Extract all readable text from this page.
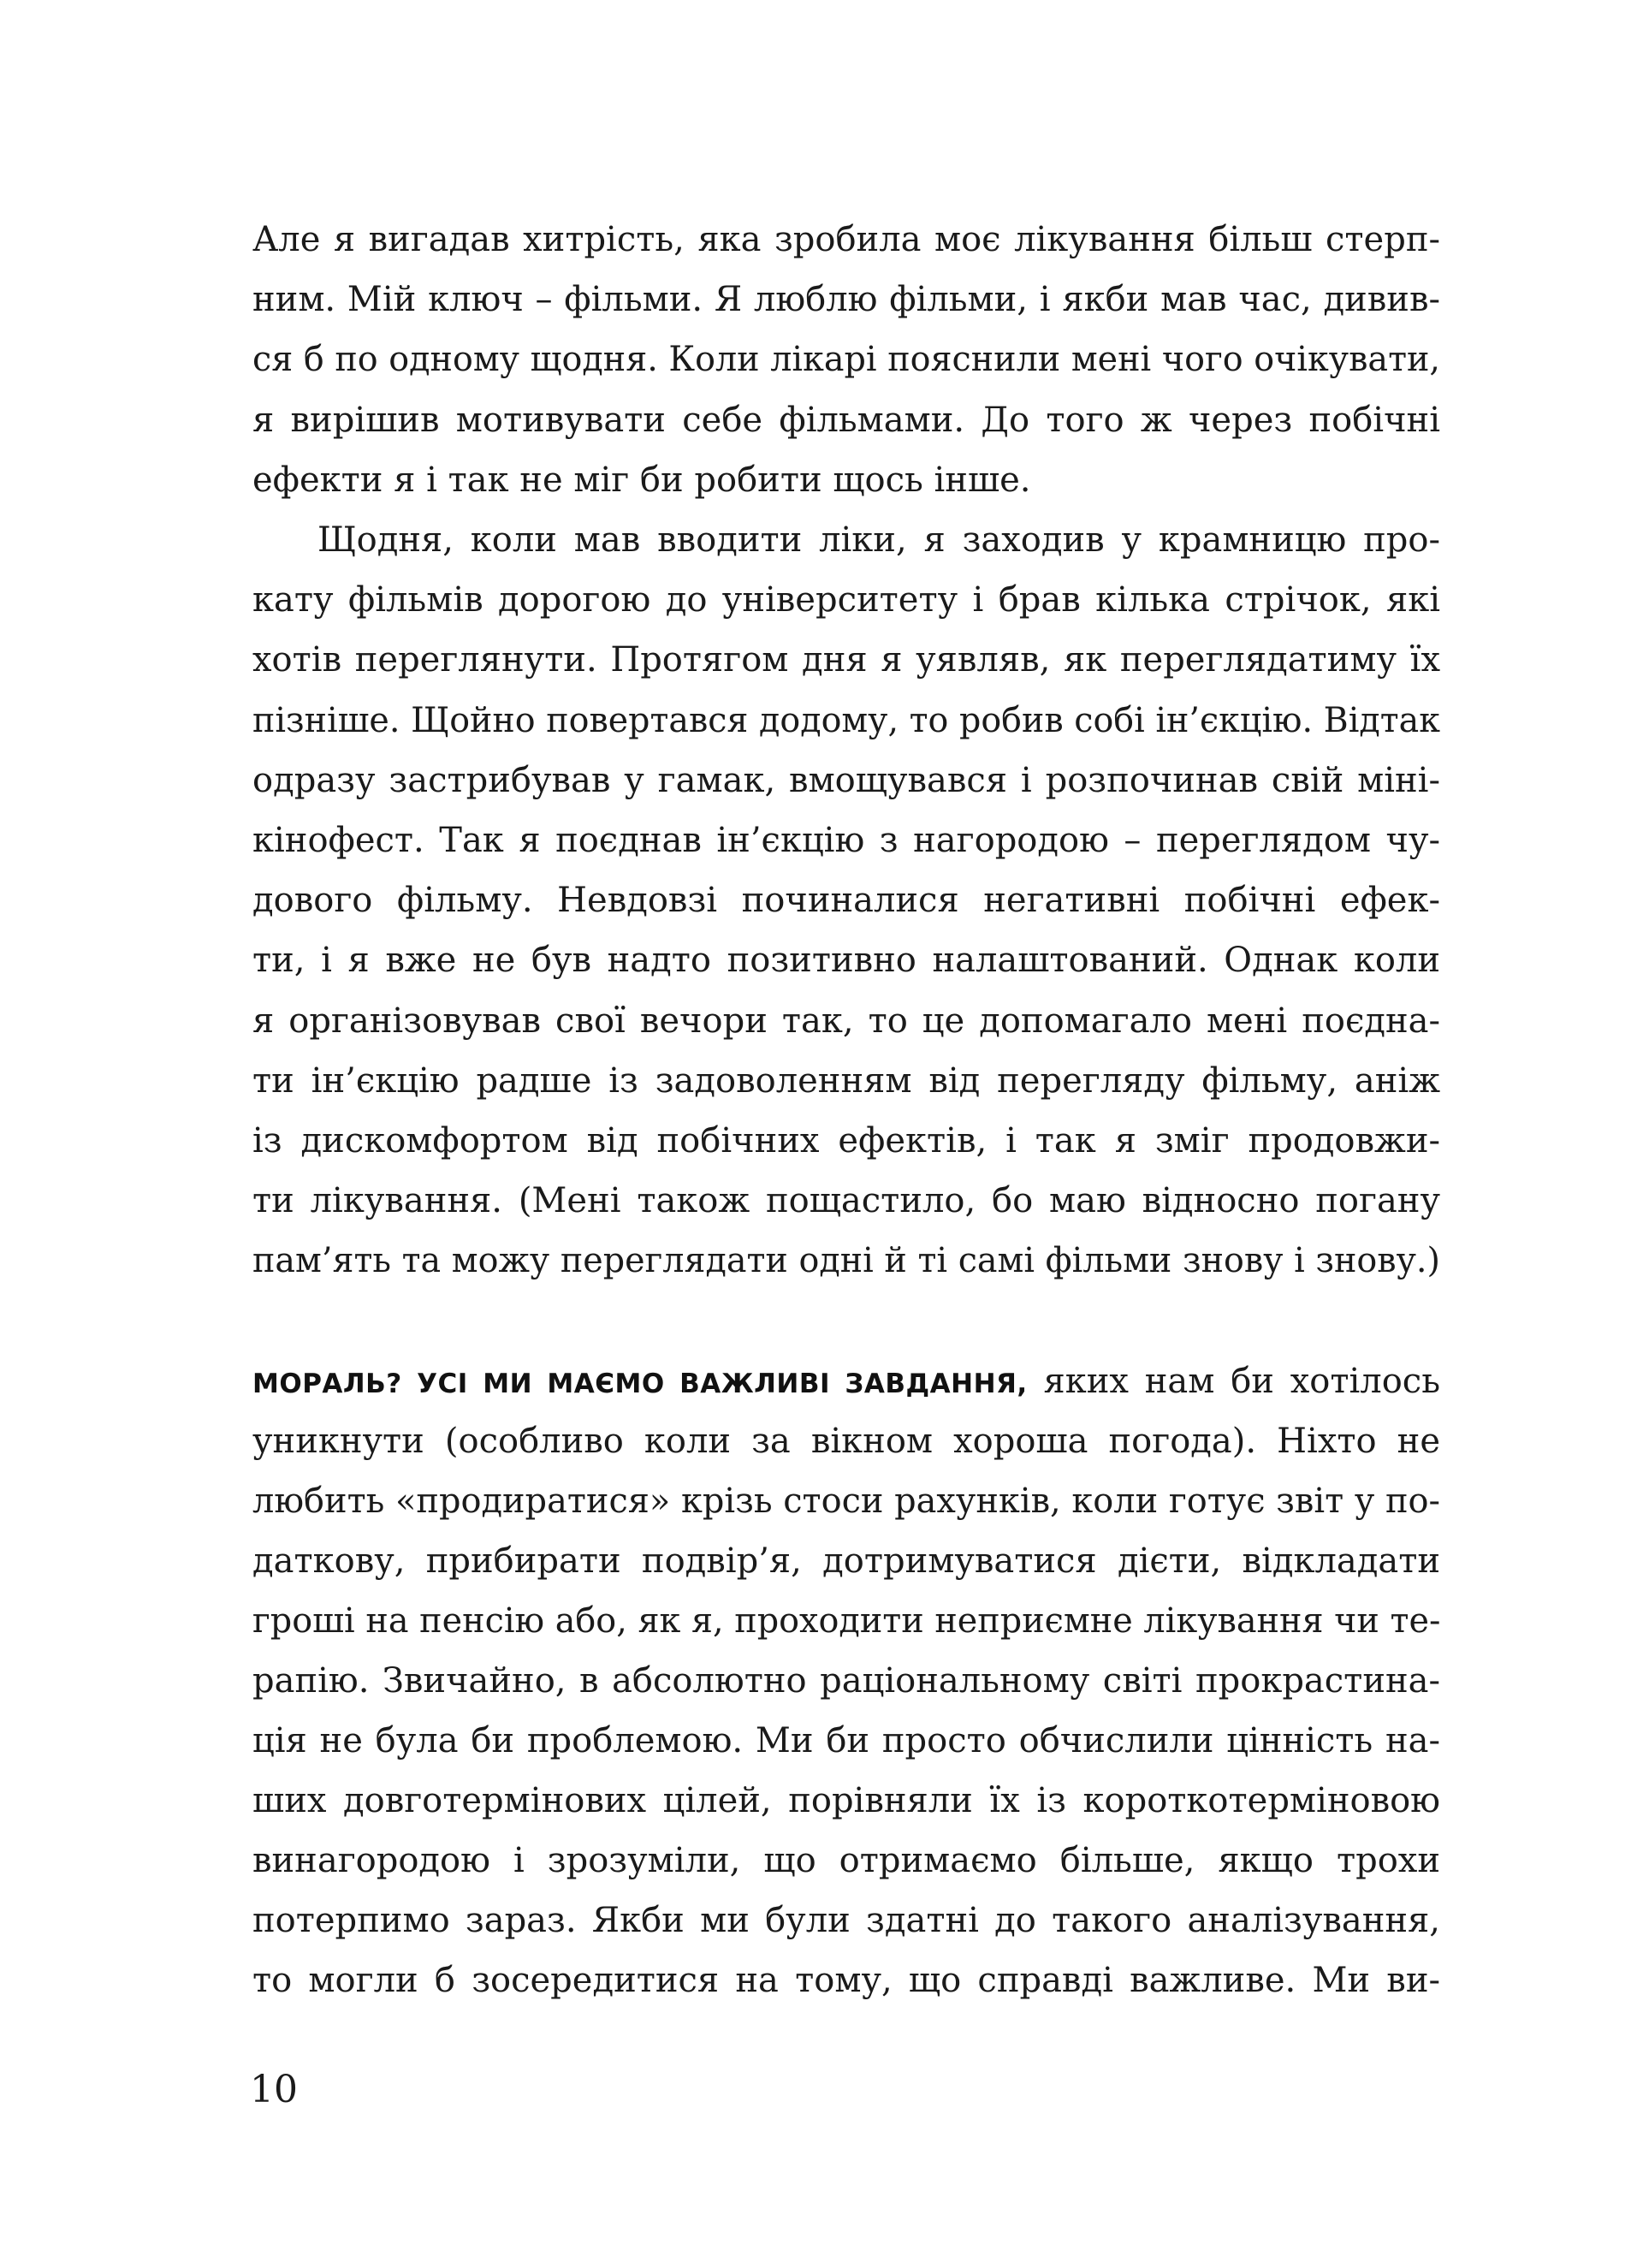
Але я вигадав хитрість, яка зробила моє лікування більш стерп-
ним. Мій ключ – фільми. Я люблю фільми, і якби мав час, дивив-
ся б по одному щодня. Коли лікарі пояснили мені чого очікувати,
я вирішив мотивувати себе фільмами. До того ж через побічні
ефекти я і так не міг би робити щось інше.
Щодня, коли мав вводити ліки, я заходив у крамницю про-
кату фільмів дорогою до університету і брав кілька стрічок, які
хотів переглянути. Протягом дня я уявляв, як переглядатиму їх
пізніше. Щойно повертався додому, то робив собі ін’єкцію. Відтак
одразу застрибував у гамак, вмощувався і розпочинав свій міні-
кінофест. Так я поєднав ін’єкцію з нагородою – переглядом чу-
дового фільму. Невдовзі починалися негативні побічні ефек-
ти, і я вже не був надто позитивно налаштований. Однак коли
я організовував свої вечори так, то це допомагало мені поєдна-
ти ін’єкцію радше із задоволенням від перегляду фільму, аніж
із дискомфортом від побічних ефектів, і так я зміг продовжи-
ти лікування. (Мені також пощастило, бо маю відносно погану
пам’ять та можу переглядати одні й ті самі фільми знову і знову.)
МОРАЛЬ? УСІ МИ МАЄМО ВАЖЛИВІ ЗАВДАННЯ, яких нам би хотілось
уникнути (особливо коли за вікном хороша погода). Ніхто не
любить «продиратися» крізь стоси рахунків, коли готує звіт у по-
даткову, прибирати подвір’я, дотримуватися дієти, відкладати
гроші на пенсію або, як я, проходити неприємне лікування чи те-
рапію. Звичайно, в абсолютно раціональному світі прокрастина-
ція не була би проблемою. Ми би просто обчислили цінність на-
ших довготермінових цілей, порівняли їх із короткотерміновою
винагородою і зрозуміли, що отримаємо більше, якщо трохи
потерпимо зараз. Якби ми були здатні до такого аналізування,
то могли б зосередитися на тому, що справді важливе. Ми ви-
10
